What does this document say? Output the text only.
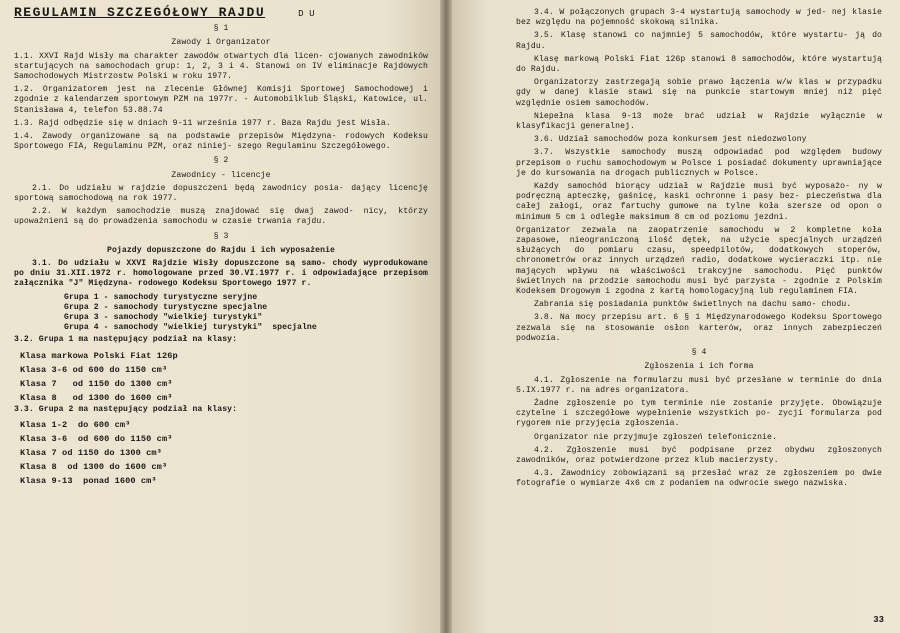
REGULAMIN SZCZEGÓŁOWY RAJDU	D U
§ 1
Zawody i Organizator

1.1. XXVI Rajd Wisły ma charakter zawodów otwartych dla licen- cjowanych zawodników startujących na samochodach grup: 1, 2, 3 i 4. Stanowi on IV eliminacje Rajdowych Samochodowych Mistrzostw Polski w roku 1977.

1.2. Organizatorem jest na zlecenie Głównej Komisji Sportowej Samochodowej i zgodnie z kalendarzem sportowym PZM na 1977r. - Automobilklub Śląski, Katowice, ul. Stanisława 4, telefon 53.88.74

1.3. Rajd odbędzie się w dniach 9-11 września 1977 r. Baza Rajdu jest Wisła.

1.4. Zawody organizowane są na podstawie przepisów Międzyna- rodowych Kodeksu Sportowego FIA, Regulaminu PZM, oraz niniej- szego Regulaminu Szczegółowego.

§ 2
Zawodnicy - licencje

2.1. Do udziału w rajdzie dopuszczeni będą zawodnicy posia- dający licencję sportową samochodową na rok 1977.

2.2. W każdym samochodzie muszą znajdować się dwaj zawod- nicy, którzy upoważnieni są do prowadzenia samochodu w czasie trwania rajdu.

§ 3
Pojazdy dopuszczone do Rajdu i ich wyposażenie

3.1. Do udziału w XXVI Rajdzie Wisły dopuszczone są samo- chody wyprodukowane po dniu 31.XII.1972 r. homologowane przed 30.VI.1977 r. i odpowiadające przepisom załącznika "J" Międzyna- rodowego Kodeksu Sportowego 1977 r.

Grupa 1 - samochody turystyczne seryjne
Grupa 2 - samochody turystyczne specjalne
Grupa 3 - samochody "wielkiej turystyki"
Grupa 4 - samochody "wielkiej turystyki"  specjalne

3.2. Grupa 1 ma następujący podział na klasy:

Klasa markowa Polski Fiat 126p
Klasa 3-6 od 600 do 1150 cm³
Klasa 7   od 1150 do 1300 cm³
Klasa 8   od 1300 do 1600 cm³

3.3. Grupa 2 ma następujący podział na klasy:

Klasa 1-2  do 600 cm³
Klasa 3-6  od 600 do 1150 cm³
Klasa 7 od 1150 do 1300 cm³
Klasa 8  od 1300 do 1600 cm³
Klasa 9-13  ponad 1600 cm³

3.4. W połączonych grupach 3-4 wystartują samochody w jed- nej klasie bez względu na pojemność skokową silnika.

3.5. Klasę stanowi co najmniej 5 samochodów, które wystartu- ją do Rajdu.

Klasę markową Polski Fiat 126p stanowi 8 samochodów, które wystartują do Rajdu.

Organizatorzy zastrzegają sobie prawo łączenia w/w klas w przypadku gdy w danej klasie stawi się na punkcie startowym mniej niż pięć względnie osiem samochodów.

Niepełna klasa 9-13 może brać udział w Rajdzie wyłącznie w klasyfikacji generalnej.

3.6. Udział samochodów poza konkursem jest niedozwolony

3.7. Wszystkie samochody muszą odpowiadać pod względem budowy przepisom o ruchu samochodowym w Polsce i posiadać dokumenty uprawniające je do kursowania na drogach publicznych w Polsce.

Każdy samochód biorący udział w Rajdzie musi być wyposażo- ny w podręczną apteczkę, gaśnicę, kaski ochronne i pasy bez- pieczeństwa dla całej załogi, oraz fartuchy gumowe na tylne koła szersze od opon o minimum 5 cm i odległe maksimum 8 cm od poziomu jezdni.

Organizator zezwala na zaopatrzenie samochodu w 2 kompletne koła zapasowe, nieograniczoną ilość dętek, na użycie specjalnych urządzeń służących do pomiaru czasu, speedpilotów, dodatkowych stoperów, chronometrów oraz innych urządzeń radio, dodatkowe wycieraczki itp. nie mających wpływu na właściwości trakcyjne samochodu. Pięć punktów świetlnych na przodzie samochodu musi być parzysta - zgodnie z Polskim Kodeksem Drogowym i zgodna z kartą homologacyjną lub regulaminem FIA.

Zabrania się posiadania punktów świetlnych na dachu samo- chodu.

3.8. Na mocy przepisu art. 6 § 1 Międzynarodowego Kodeksu Sportowego zezwala się na stosowanie osłon karterów, oraz innych zabezpieczeń podwozia.

§ 4
Zgłoszenia i ich forma

4.1. Zgłoszenie na formularzu musi być przesłane w terminie do dnia 5.IX.1977 r. na adres organizatora.

Żadne zgłoszenie po tym terminie nie zostanie przyjęte. Obowiązuje czytelne i szczegółowe wypełnienie wszystkich po- zycji formularza pod rygorem nie przyjęcia zgłoszenia.

Organizator nie przyjmuje zgłoszeń telefonicznie.

4.2. Zgłoszenie musi być podpisane przez obydwu zgłoszonych zawodników, oraz potwierdzone przez klub macierzysty.

4.3. Zawodnicy zobowiązani są przesłać wraz ze zgłoszeniem po dwie fotografie o wymiarze 4x6 cm z podaniem na odwrocie swego nazwiska.

33
